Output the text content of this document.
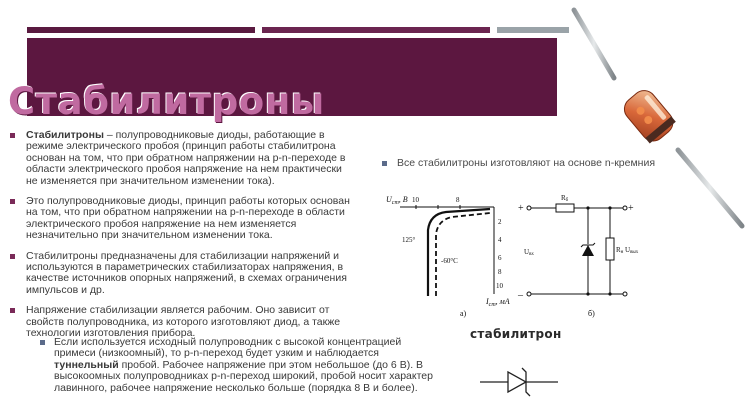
Стабилитроны
Стабилитроны – полупроводниковые диоды, работающие в режиме электрического пробоя (принцип работы стабилитрона основан на том, что при обратном напряжении на p-n-переходе в области электрического пробоя напряжение на нем практически не изменяется при значительном изменении тока).
Это полупроводниковые диоды, принцип работы которых основан на том, что при обратном напряжении на p-n-переходе в области электрического пробоя напряжение на нем изменяется незначительно при значительном изменении тока.
Стабилитроны предназначены для стабилизации напряжений и используются в параметрических стабилизаторах напряжения, в качестве источников опорных напряжений, в схемах ограничения импульсов и др.
Напряжение стабилизации является рабочим. Оно зависит от свойств полупроводника, из которого изготовляют диод, а также технологии изготовления прибора.
Если используется исходный полупроводник с высокой концентрацией примеси (низкоомный), то p-n-переход будет узким и наблюдается туннельный пробой. Рабочее напряжение при этом небольшое (до 6 В). В высокоомных полупроводниках p-n-переход широкий, пробой носит характер лавинного, рабочее напряжение несколько больше (порядка 8 В и более).
Все стабилитроны изготовляют на основе n-кремния
$U_{ст}$, В 10	8
2
4
6
8
10
125°
-60°C
$I_{ст}$, мА
а)
+
–
+
Rб
Uвх
Rн Uвых
б)
стабилитрон
